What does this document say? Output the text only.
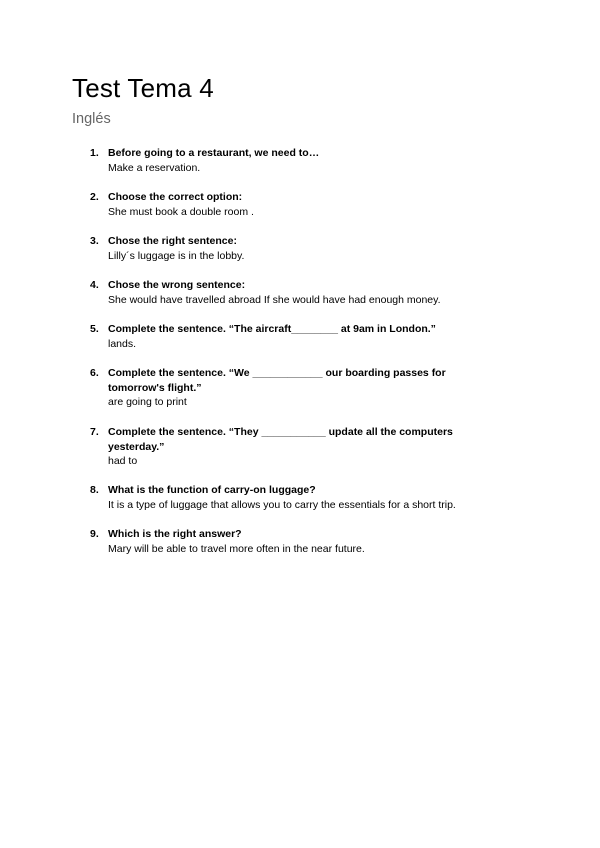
Test Tema 4

Inglés

1. Before going to a restaurant, we need to…
Make a reservation.
2. Choose the correct option:
She must book a double room .
3. Chose the right sentence:
Lilly´s luggage is in the lobby.
4. Chose the wrong sentence:
She would have travelled abroad If she would have had enough money.
5. Complete the sentence. “The aircraft________ at 9am in London.”
lands.
6. Complete the sentence. “We ____________ our boarding passes for tomorrow's flight.”
are going to print
7. Complete the sentence. “They ___________ update all the computers yesterday.”
had to
8. What is the function of carry-on luggage?
It is a type of luggage that allows you to carry the essentials for a short trip.
9. Which is the right answer?
Mary will be able to travel more often in the near future.
